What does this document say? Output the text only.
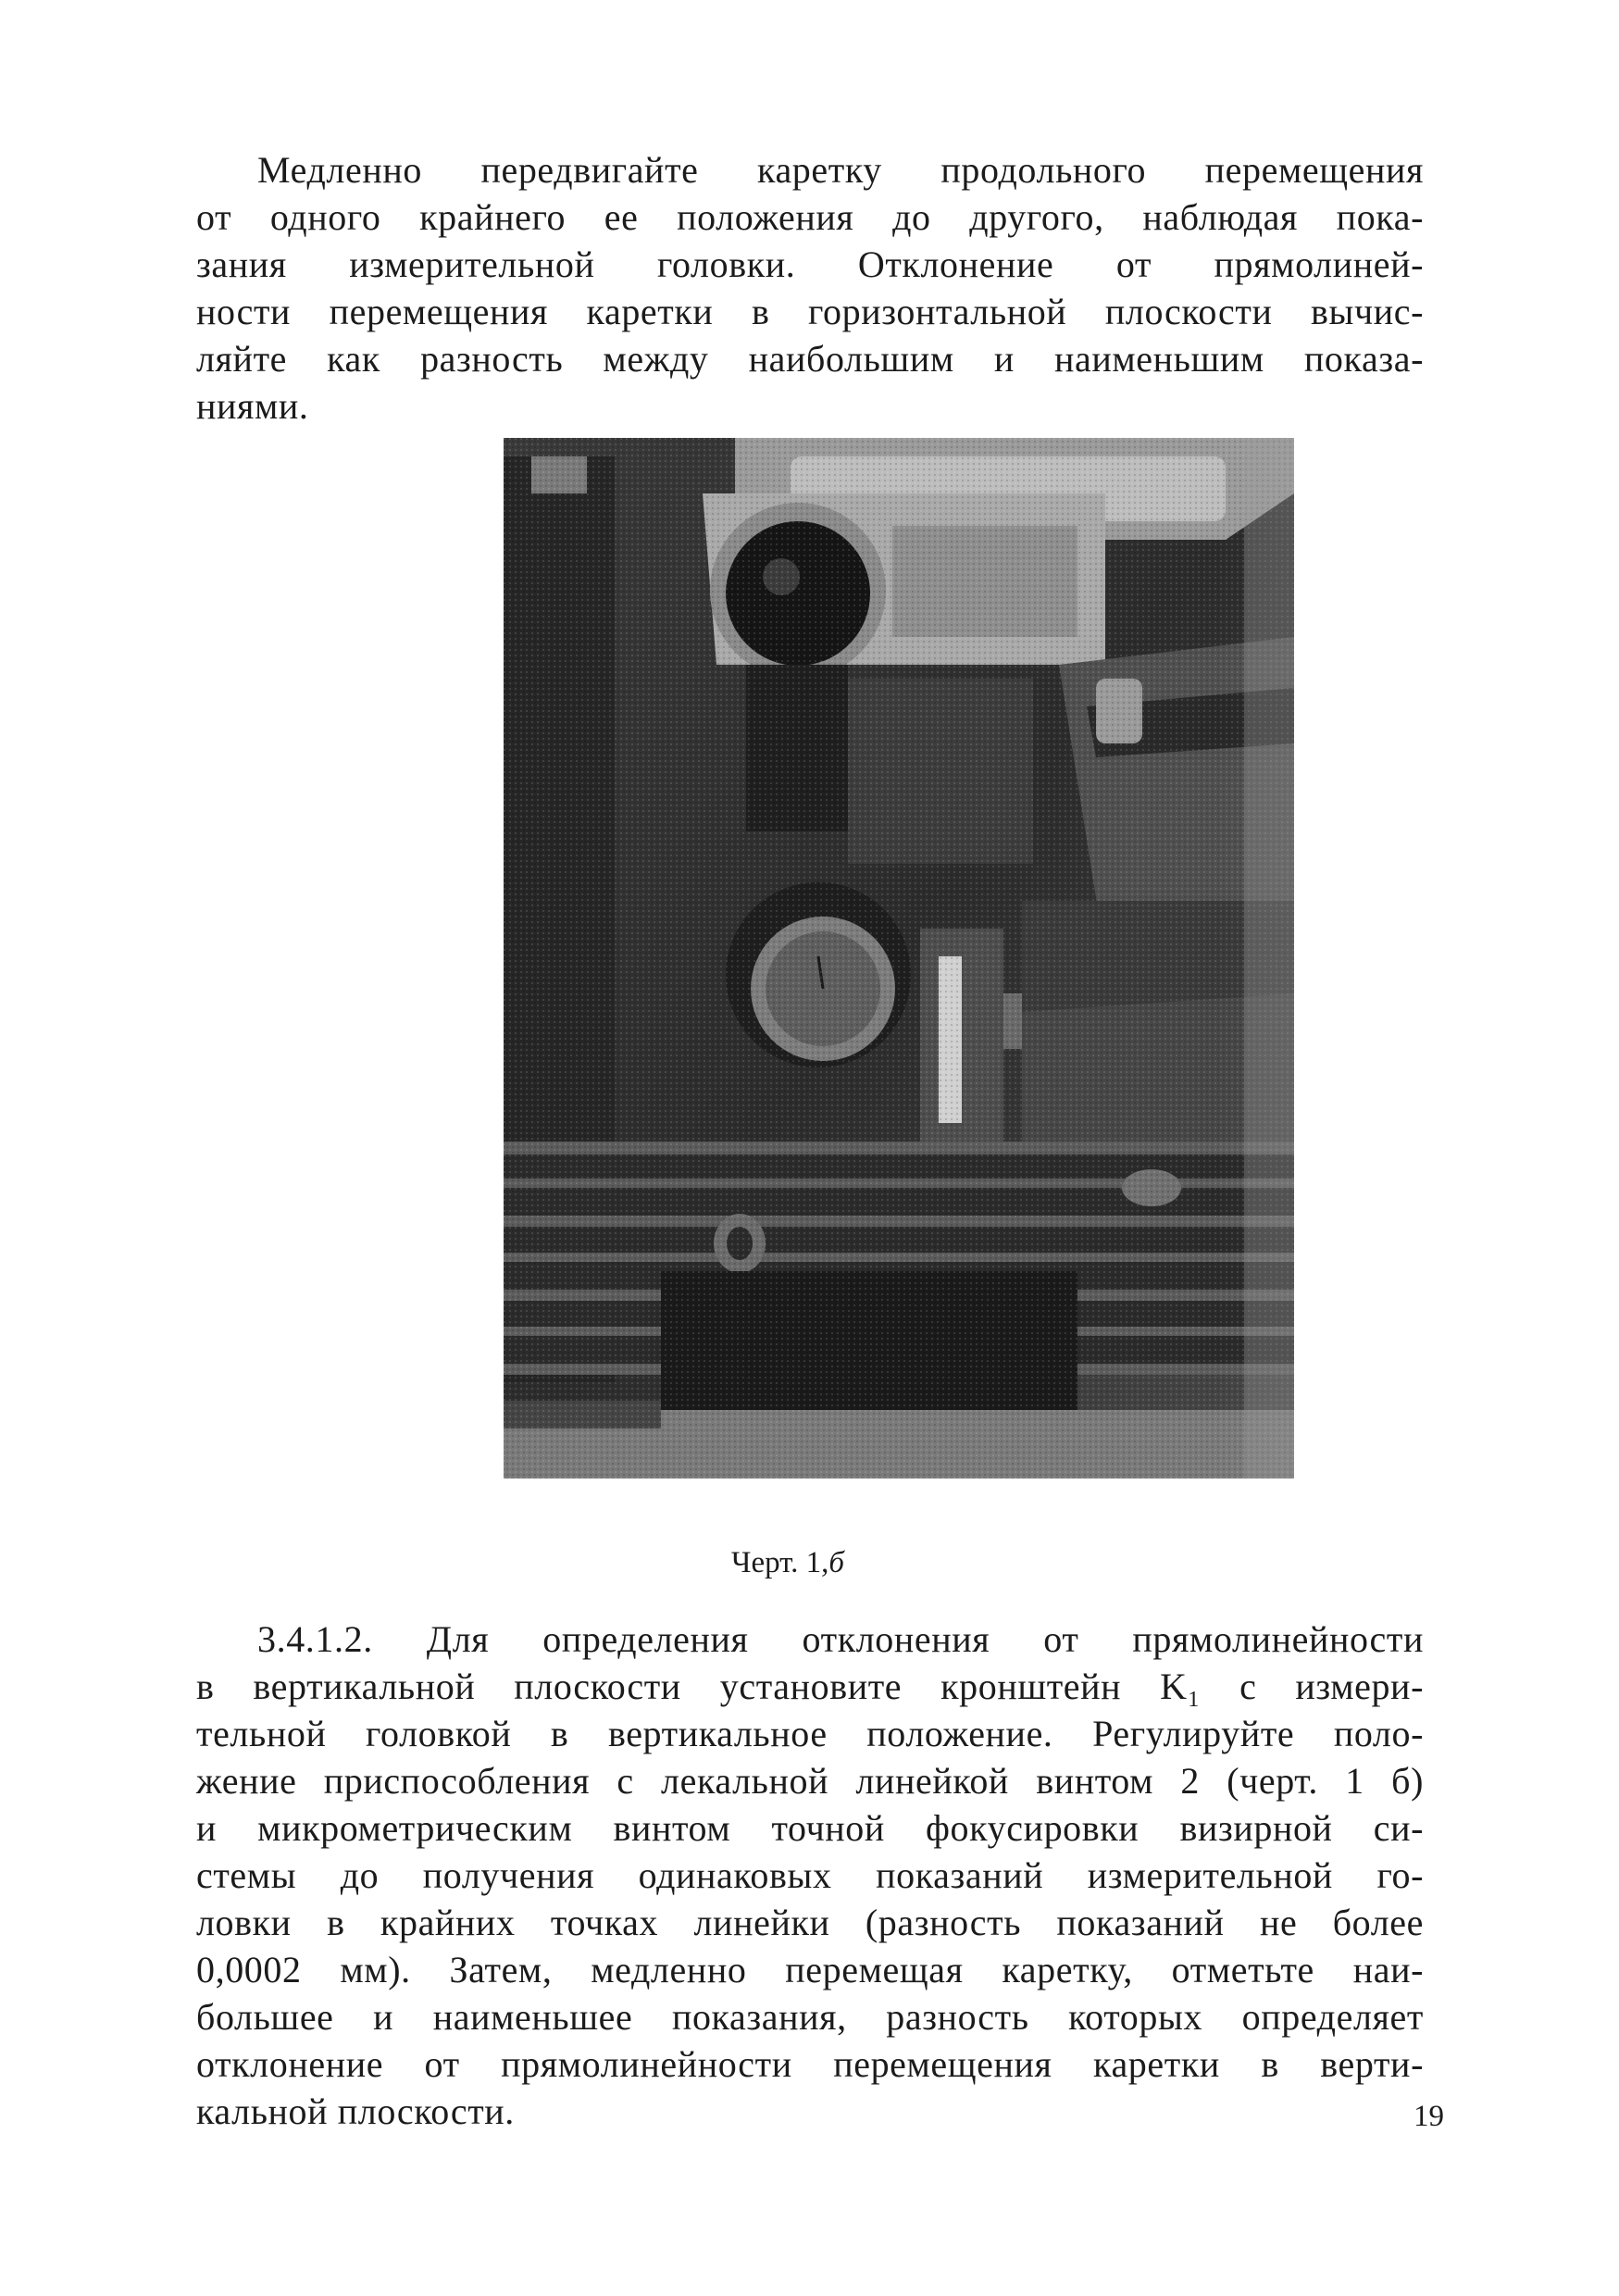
Медленно передвигайте каретку продольного перемещения
от одного крайнего ее положения до другого, наблюдая пока-
зания измерительной головки. Отклонение от прямолиней-
ности перемещения каретки в горизонтальной плоскости вычис-
ляйте как разность между наибольшим и наименьшим показа-
ниями.
Черт. 1,б
3.4.1.2. Для определения отклонения от прямолинейности
в вертикальной плоскости установите кронштейн K₁ с измери-
тельной головкой в вертикальное положение. Регулируйте поло-
жение приспособления с лекальной линейкой винтом 2 (черт. 1 б)
и микрометрическим винтом точной фокусировки визирной си-
стемы до получения одинаковых показаний измерительной го-
ловки в крайних точках линейки (разность показаний не более
0,0002 мм). Затем, медленно перемещая каретку, отметьте наи-
большее и наименьшее показания, разность которых определяет
отклонение от прямолинейности перемещения каретки в верти-
кальной плоскости.	19
